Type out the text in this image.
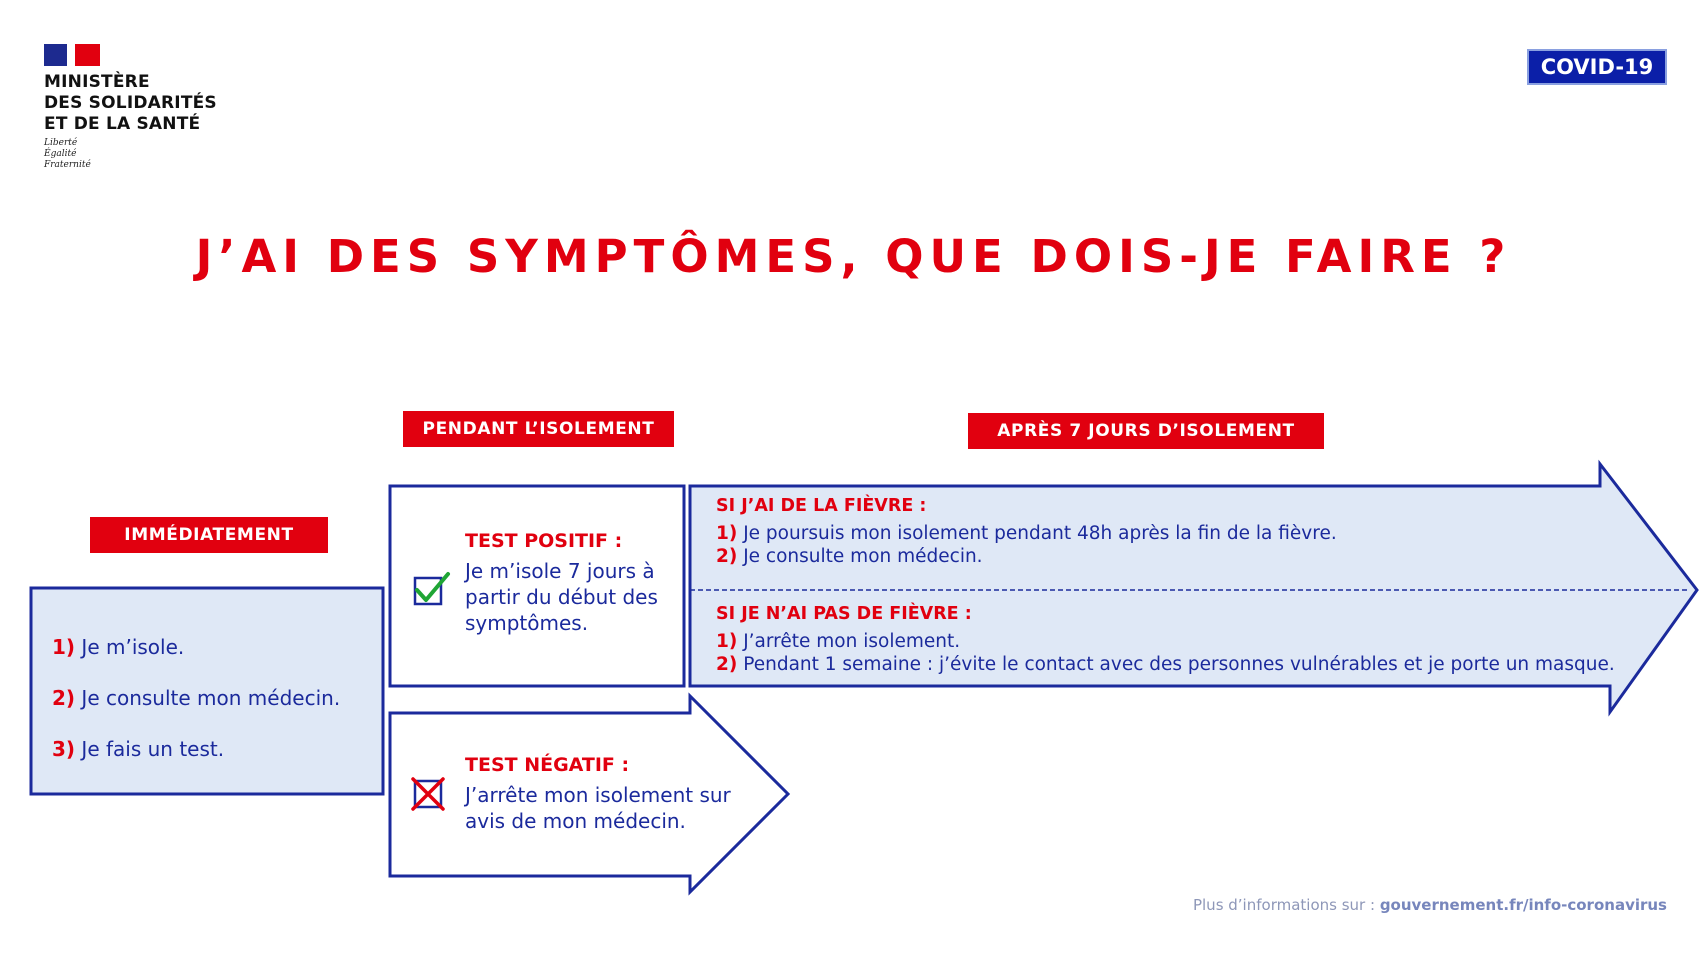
MINISTÈRE
DES SOLIDARITÉS
ET DE LA SANTÉ
Liberté
Égalité
Fraternité
COVID-19
J’AI DES SYMPTÔMES, QUE DOIS-JE FAIRE ?
IMMÉDIATEMENT
PENDANT L’ISOLEMENT	APRÈS 7 JOURS D’ISOLEMENT
1) Je m’isole.
2) Je consulte mon médecin.
3) Je fais un test.
TEST POSITIF :
Je m’isole 7 jours à partir du début des symptômes.
TEST NÉGATIF :
J’arrête mon isolement sur avis de mon médecin.
SI J’AI DE LA FIÈVRE :
1) Je poursuis mon isolement pendant 48h après la fin de la fièvre.
2) Je consulte mon médecin.
SI JE N’AI PAS DE FIÈVRE :
1) J’arrête mon isolement.
2) Pendant 1 semaine : j’évite le contact avec des personnes vulnérables et je porte un masque.
Plus d’informations sur : gouvernement.fr/info-coronavirus
